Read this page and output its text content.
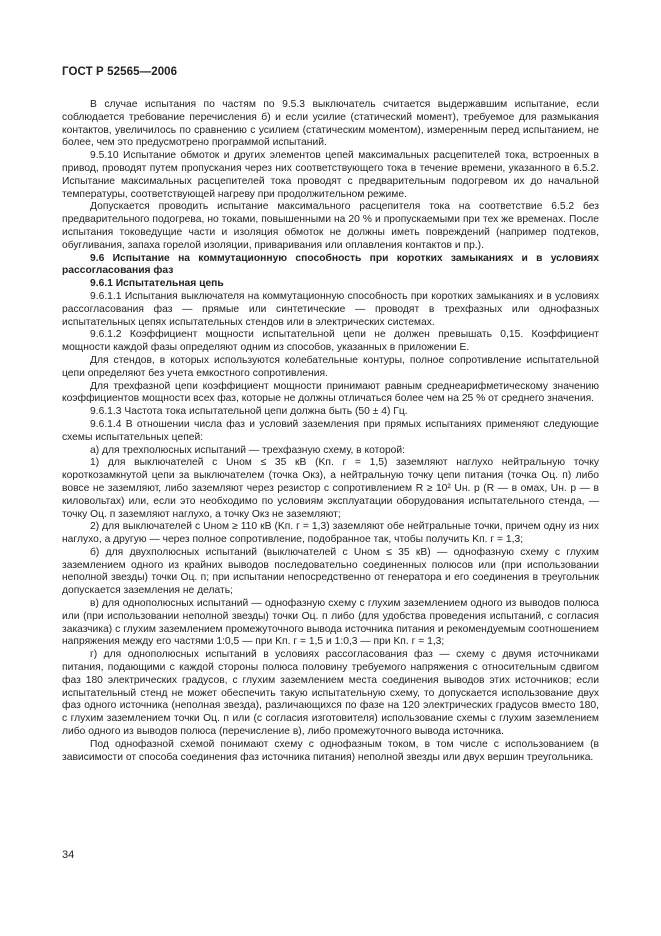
ГОСТ Р 52565—2006

В случае испытания по частям по 9.5.3 выключатель считается выдержавшим испытание, если соблюдается требование перечисления б) и если усилие (статический момент), требуемое для размыкания контактов, увеличилось по сравнению с усилием (статическим моментом), измеренным перед испытанием, не более, чем это предусмотрено программой испытаний.

9.5.10 Испытание обмоток и других элементов цепей максимальных расцепителей тока, встроенных в привод, проводят путем пропускания через них соответствующего тока в течение времени, указанного в 6.5.2. Испытание максимальных расцепителей тока проводят с предварительным подогревом их до начальной температуры, соответствующей нагреву при продолжительном режиме.

Допускается проводить испытание максимального расцепителя тока на соответствие 6.5.2 без предварительного подогрева, но токами, повышенными на 20 % и пропускаемыми при тех же временах. После испытания токоведущие части и изоляция обмоток не должны иметь повреждений (например подтеков, обугливания, запаха горелой изоляции, приваривания или оплавления контактов и пр.).

9.6 Испытание на коммутационную способность при коротких замыканиях и в условиях рассогласования фаз

9.6.1 Испытательная цепь

9.6.1.1 Испытания выключателя на коммутационную способность при коротких замыканиях и в условиях рассогласования фаз — прямые или синтетические — проводят в трехфазных или однофазных испытательных цепях испытательных стендов или в электрических системах.

9.6.1.2 Коэффициент мощности испытательной цепи не должен превышать 0,15. Коэффициент мощности каждой фазы определяют одним из способов, указанных в приложении Е.

Для стендов, в которых используются колебательные контуры, полное сопротивление испытательной цепи определяют без учета емкостного сопротивления.

Для трехфазной цепи коэффициент мощности принимают равным среднеарифметическому значению коэффициентов мощности всех фаз, которые не должны отличаться более чем на 25 % от среднего значения.

9.6.1.3 Частота тока испытательной цепи должна быть (50 ± 4) Гц.

9.6.1.4 В отношении числа фаз и условий заземления при прямых испытаниях применяют следующие схемы испытательных цепей:

а) для трехполюсных испытаний — трехфазную схему, в которой:

1) для выключателей с Uном ≤ 35 кВ (Kп. г = 1,5) заземляют наглухо нейтральную точку короткозамкнутой цепи за выключателем (точка Oкз), а нейтральную точку цепи питания (точка Oц. п) либо вовсе не заземляют, либо заземляют через резистор с сопротивлением R ≥ 10² Uн. р (R — в омах, Uн. р — в киловольтах) или, если это необходимо по условиям эксплуатации оборудования испытательного стенда, — точку Oц. п заземляют наглухо, а точку Oкз не заземляют;

2) для выключателей с Uном ≥ 110 кВ (Kп. г = 1,3) заземляют обе нейтральные точки, причем одну из них наглухо, а другую — через полное сопротивление, подобранное так, чтобы получить Kп. г = 1,3;

б) для двухполюсных испытаний (выключателей с Uном ≤ 35 кВ) — однофазную схему с глухим заземлением одного из крайних выводов последовательно соединенных полюсов или (при использовании неполной звезды) точки Oц. п; при испытании непосредственно от генератора и его соединения в треугольник допускается заземления не делать;

в) для однополюсных испытаний — однофазную схему с глухим заземлением одного из выводов полюса или (при использовании неполной звезды) точки Оц. п либо (для удобства проведения испытаний, с согласия заказчика) с глухим заземлением промежуточного вывода источника питания и рекомендуемым соотношением напряжения между его частями 1:0,5 — при Kп. г = 1,5 и 1:0,3 — при Kп. г = 1,3;

г) для однополюсных испытаний в условиях рассогласования фаз — схему с двумя источниками питания, подающими с каждой стороны полюса половину требуемого напряжения с относительным сдвигом фаз 180 электрических градусов, с глухим заземлением места соединения выводов этих источников; если испытательный стенд не может обеспечить такую испытательную схему, то допускается использование двух фаз одного источника (неполная звезда), различающихся по фазе на 120 электрических градусов вместо 180, с глухим заземлением точки Оц. п или (с согласия изготовителя) использование схемы с глухим заземлением либо одного из выводов полюса (перечисление в), либо промежуточного вывода источника.

Под однофазной схемой понимают схему с однофазным током, в том числе с использованием (в зависимости от способа соединения фаз источника питания) неполной звезды или двух вершин треугольника.

34
